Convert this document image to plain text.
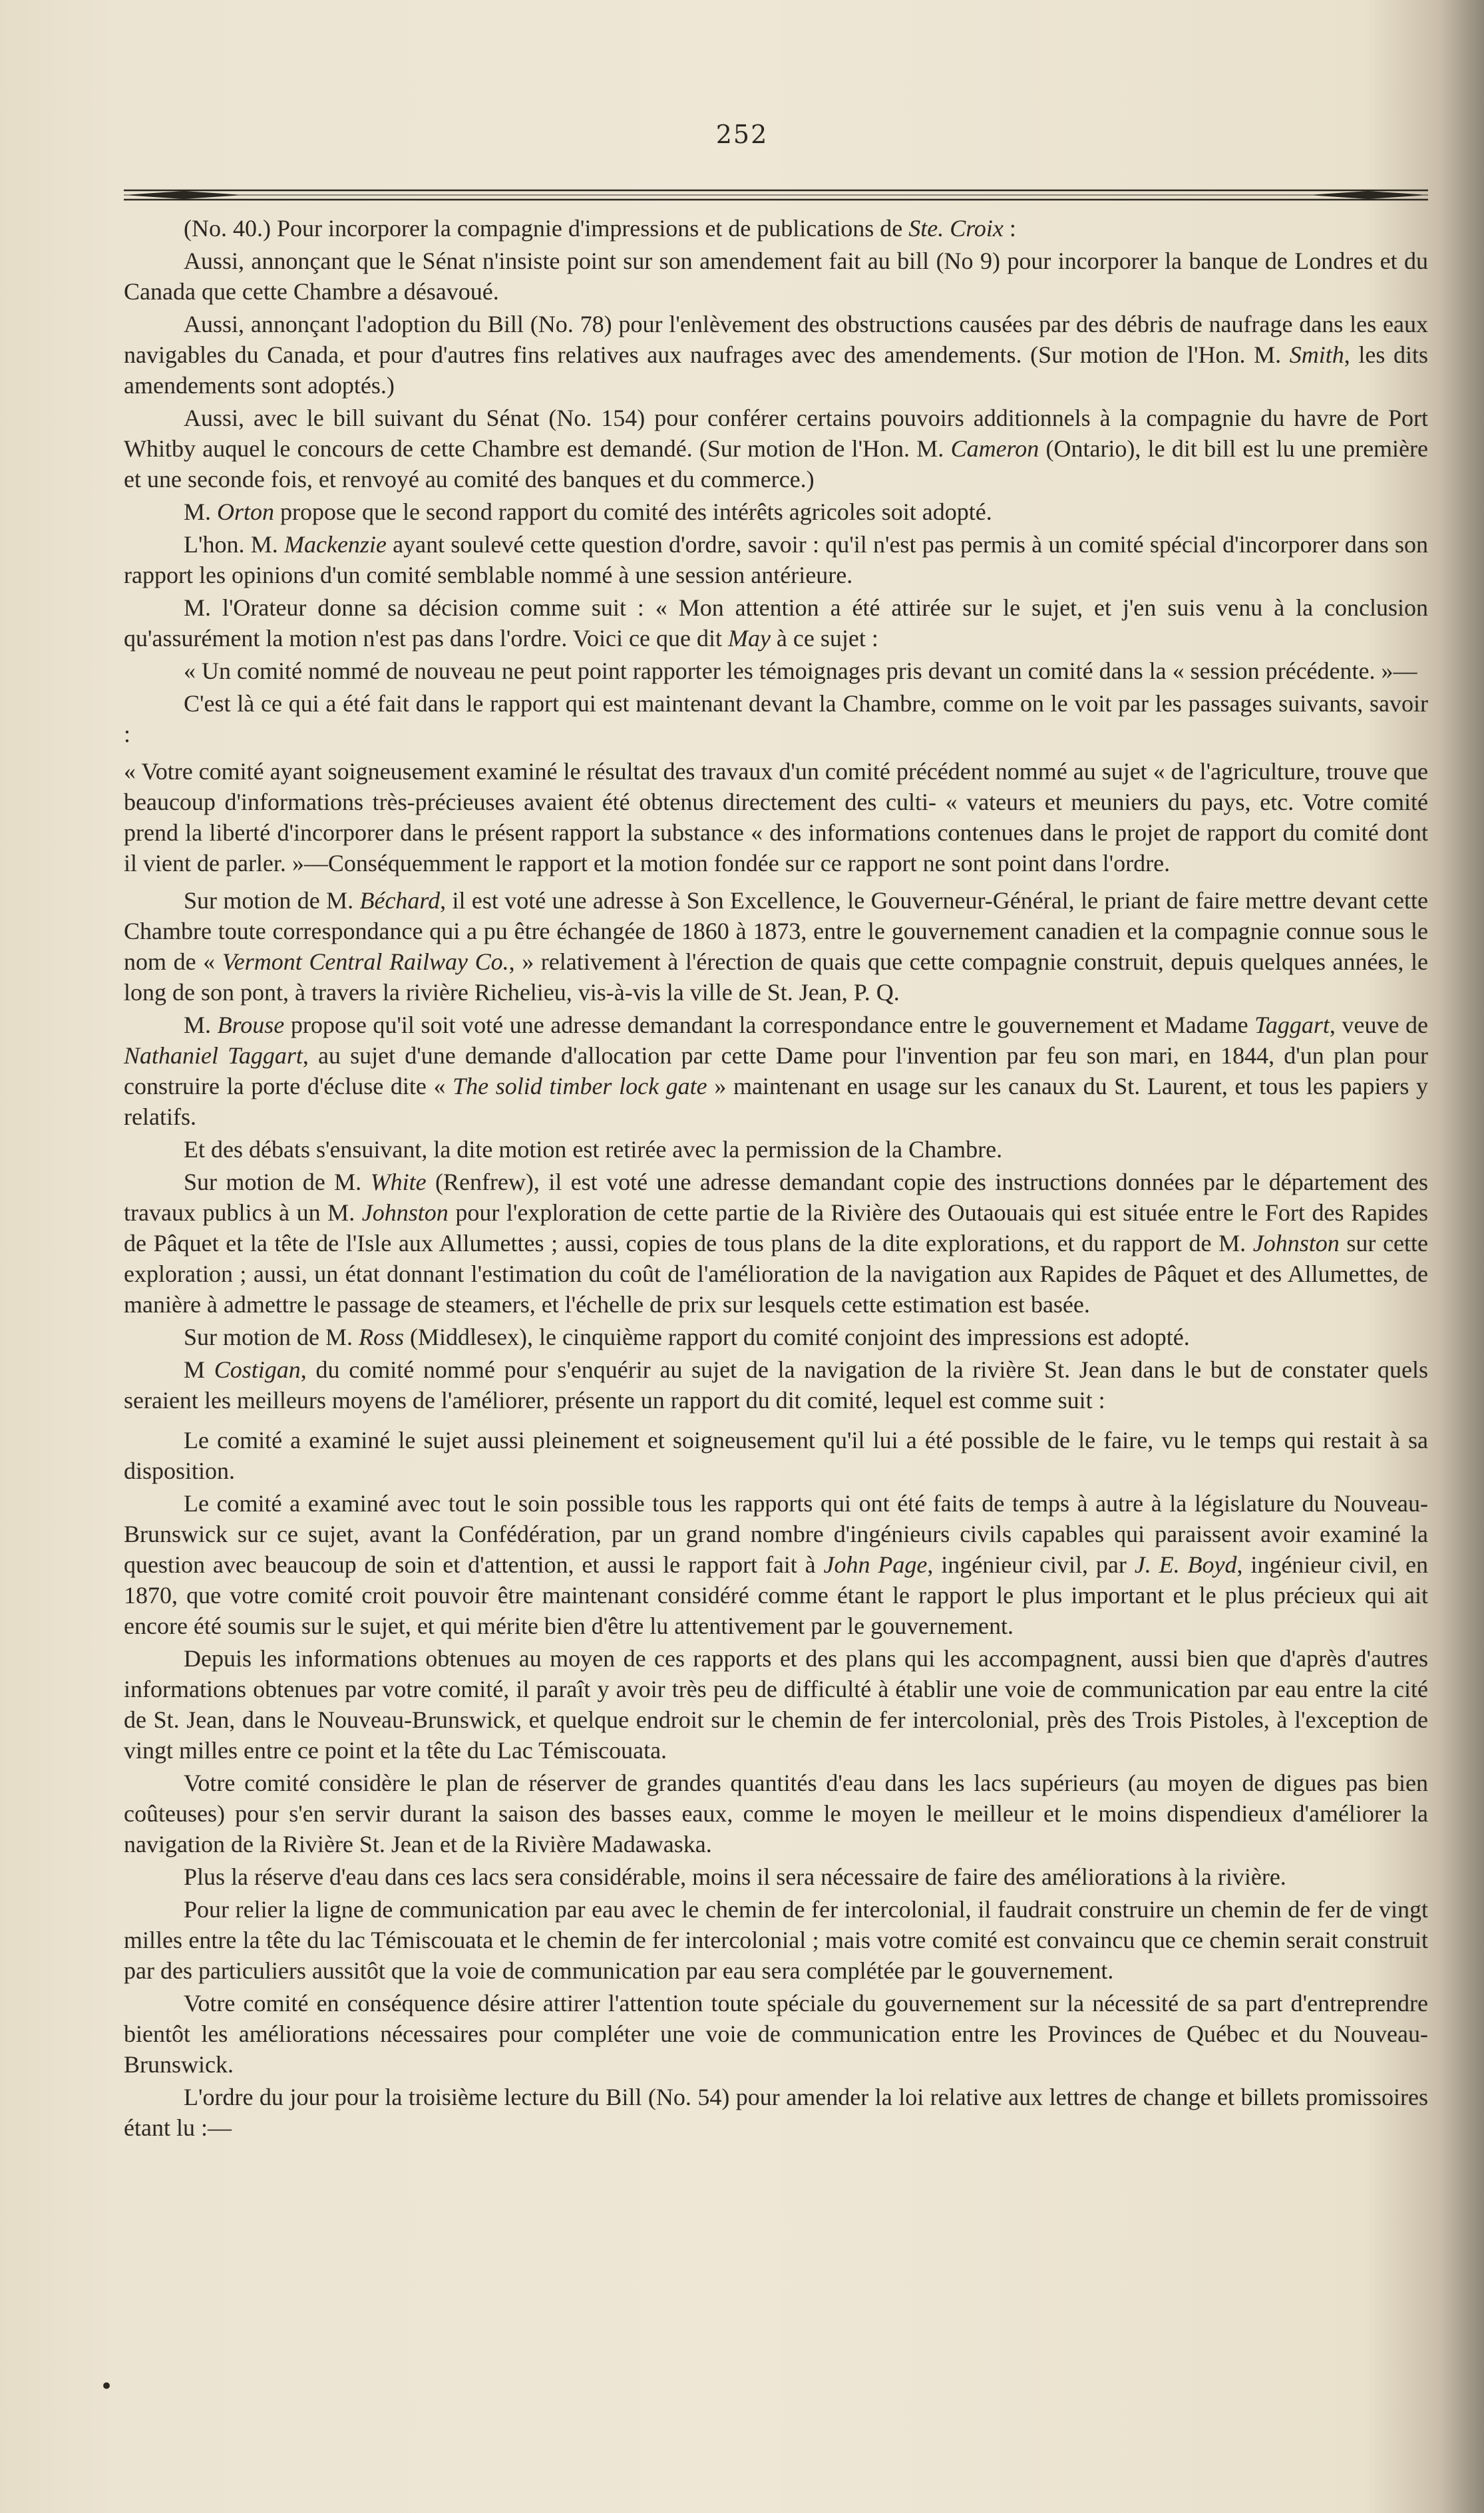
252

(No. 40.) Pour incorporer la compagnie d'impressions et de publications de Ste. Croix :

Aussi, annonçant que le Sénat n'insiste point sur son amendement fait au bill (No 9) pour incorporer la banque de Londres et du Canada que cette Chambre a désavoué.

Aussi, annonçant l'adoption du Bill (No. 78) pour l'enlèvement des obstructions causées par des débris de naufrage dans les eaux navigables du Canada, et pour d'autres fins relatives aux naufrages avec des amendements. (Sur motion de l'Hon. M. Smith, les dits amendements sont adoptés.)

Aussi, avec le bill suivant du Sénat (No. 154) pour conférer certains pouvoirs additionnels à la compagnie du havre de Port Whitby auquel le concours de cette Chambre est demandé. (Sur motion de l'Hon. M. Cameron (Ontario), le dit bill est lu une première et une seconde fois, et renvoyé au comité des banques et du commerce.)

M. Orton propose que le second rapport du comité des intérêts agricoles soit adopté.

L'hon. M. Mackenzie ayant soulevé cette question d'ordre, savoir : qu'il n'est pas permis à un comité spécial d'incorporer dans son rapport les opinions d'un comité semblable nommé à une session antérieure.

M. l'Orateur donne sa décision comme suit : « Mon attention a été attirée sur le sujet, et j'en suis venu à la conclusion qu'assurément la motion n'est pas dans l'ordre. Voici ce que dit May à ce sujet :

« Un comité nommé de nouveau ne peut point rapporter les témoignages pris devant un comité dans la « session précédente. »—

C'est là ce qui a été fait dans le rapport qui est maintenant devant la Chambre, comme on le voit par les passages suivants, savoir :

« Votre comité ayant soigneusement examiné le résultat des travaux d'un comité précédent nommé au sujet « de l'agriculture, trouve que beaucoup d'informations très-précieuses avaient été obtenus directement des culti- « vateurs et meuniers du pays, etc. Votre comité prend la liberté d'incorporer dans le présent rapport la substance « des informations contenues dans le projet de rapport du comité dont il vient de parler. »—Conséquemment le rapport et la motion fondée sur ce rapport ne sont point dans l'ordre.

Sur motion de M. Béchard, il est voté une adresse à Son Excellence, le Gouverneur-Général, le priant de faire mettre devant cette Chambre toute correspondance qui a pu être échangée de 1860 à 1873, entre le gouvernement canadien et la compagnie connue sous le nom de « Vermont Central Railway Co., » relativement à l'érection de quais que cette compagnie construit, depuis quelques années, le long de son pont, à travers la rivière Richelieu, vis-à-vis la ville de St. Jean, P. Q.

M. Brouse propose qu'il soit voté une adresse demandant la correspondance entre le gouvernement et Madame Taggart, veuve de Nathaniel Taggart, au sujet d'une demande d'allocation par cette Dame pour l'invention par feu son mari, en 1844, d'un plan pour construire la porte d'écluse dite « The solid timber lock gate » maintenant en usage sur les canaux du St. Laurent, et tous les papiers y relatifs.

Et des débats s'ensuivant, la dite motion est retirée avec la permission de la Chambre.

Sur motion de M. White (Renfrew), il est voté une adresse demandant copie des instructions données par le département des travaux publics à un M. Johnston pour l'exploration de cette partie de la Rivière des Outaouais qui est située entre le Fort des Rapides de Pâquet et la tête de l'Isle aux Allumettes ; aussi, copies de tous plans de la dite explorations, et du rapport de M. Johnston sur cette exploration ; aussi, un état donnant l'estimation du coût de l'amélioration de la navigation aux Rapides de Pâquet et des Allumettes, de manière à admettre le passage de steamers, et l'échelle de prix sur lesquels cette estimation est basée.

Sur motion de M. Ross (Middlesex), le cinquième rapport du comité conjoint des impressions est adopté.

M Costigan, du comité nommé pour s'enquérir au sujet de la navigation de la rivière St. Jean dans le but de constater quels seraient les meilleurs moyens de l'améliorer, présente un rapport du dit comité, lequel est comme suit :

Le comité a examiné le sujet aussi pleinement et soigneusement qu'il lui a été possible de le faire, vu le temps qui restait à sa disposition.

Le comité a examiné avec tout le soin possible tous les rapports qui ont été faits de temps à autre à la législature du Nouveau-Brunswick sur ce sujet, avant la Confédération, par un grand nombre d'ingénieurs civils capables qui paraissent avoir examiné la question avec beaucoup de soin et d'attention, et aussi le rapport fait à John Page, ingénieur civil, par J. E. Boyd, ingénieur civil, en 1870, que votre comité croit pouvoir être maintenant considéré comme étant le rapport le plus important et le plus précieux qui ait encore été soumis sur le sujet, et qui mérite bien d'être lu attentivement par le gouvernement.

Depuis les informations obtenues au moyen de ces rapports et des plans qui les accompagnent, aussi bien que d'après d'autres informations obtenues par votre comité, il paraît y avoir très peu de difficulté à établir une voie de communication par eau entre la cité de St. Jean, dans le Nouveau-Brunswick, et quelque endroit sur le chemin de fer intercolonial, près des Trois Pistoles, à l'exception de vingt milles entre ce point et la tête du Lac Témiscouata.

Votre comité considère le plan de réserver de grandes quantités d'eau dans les lacs supérieurs (au moyen de digues pas bien coûteuses) pour s'en servir durant la saison des basses eaux, comme le moyen le meilleur et le moins dispendieux d'améliorer la navigation de la Rivière St. Jean et de la Rivière Madawaska.

Plus la réserve d'eau dans ces lacs sera considérable, moins il sera nécessaire de faire des améliorations à la rivière.

Pour relier la ligne de communication par eau avec le chemin de fer intercolonial, il faudrait construire un chemin de fer de vingt milles entre la tête du lac Témiscouata et le chemin de fer intercolonial ; mais votre comité est convaincu que ce chemin serait construit par des particuliers aussitôt que la voie de communication par eau sera complétée par le gouvernement.

Votre comité en conséquence désire attirer l'attention toute spéciale du gouvernement sur la nécessité de sa part d'entreprendre bientôt les améliorations nécessaires pour compléter une voie de communication entre les Provinces de Québec et du Nouveau-Brunswick.

L'ordre du jour pour la troisième lecture du Bill (No. 54) pour amender la loi relative aux lettres de change et billets promissoires étant lu :—

•
